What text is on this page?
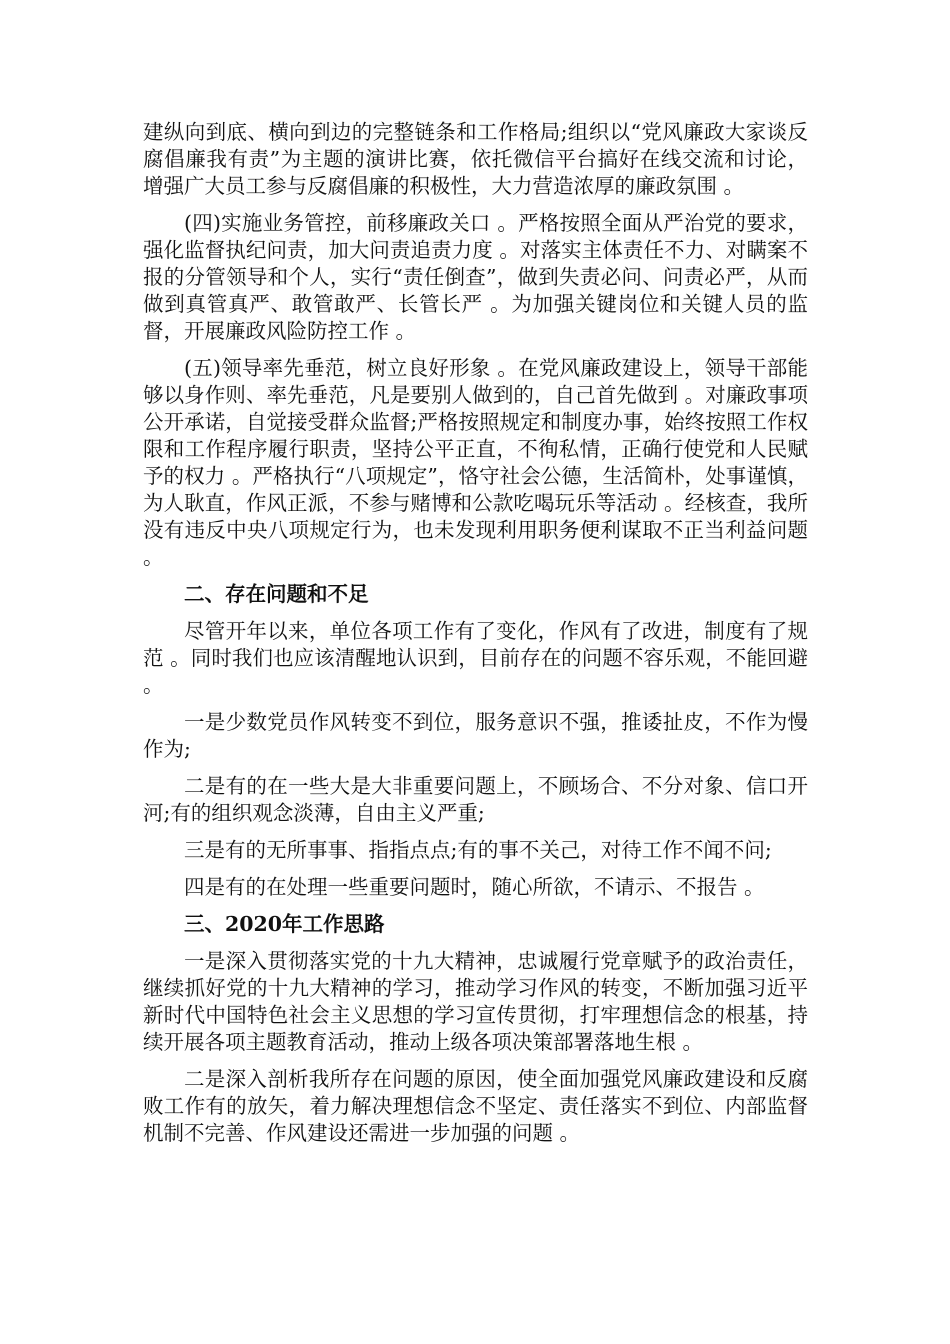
建纵向到底、横向到边的完整链条和工作格局;组织以“党风廉政大家谈反腐倡廉我有责”为主题的演讲比赛，依托微信平台搞好在线交流和讨论，增强广大员工参与反腐倡廉的积极性，大力营造浓厚的廉政氛围 。

(四)实施业务管控，前移廉政关口 。严格按照全面从严治党的要求，强化监督执纪问责，加大问责追责力度 。对落实主体责任不力、对瞒案不报的分管领导和个人，实行“责任倒查”，做到失责必问、问责必严，从而做到真管真严、敢管敢严、长管长严 。为加强关键岗位和关键人员的监督，开展廉政风险防控工作 。

(五)领导率先垂范，树立良好形象 。在党风廉政建设上，领导干部能够以身作则、率先垂范，凡是要别人做到的，自己首先做到 。对廉政事项公开承诺，自觉接受群众监督;严格按照规定和制度办事，始终按照工作权限和工作程序履行职责，坚持公平正直，不徇私情，正确行使党和人民赋予的权力 。严格执行“八项规定”，恪守社会公德，生活简朴，处事谨慎，为人耿直，作风正派，不参与赌博和公款吃喝玩乐等活动 。经核查，我所没有违反中央八项规定行为，也未发现利用职务便利谋取不正当利益问题 。

二、存在问题和不足

尽管开年以来，单位各项工作有了变化，作风有了改进，制度有了规范 。同时我们也应该清醒地认识到，目前存在的问题不容乐观，不能回避 。

一是少数党员作风转变不到位，服务意识不强，推诿扯皮，不作为慢作为;

二是有的在一些大是大非重要问题上，不顾场合、不分对象、信口开河;有的组织观念淡薄，自由主义严重;

三是有的无所事事、指指点点;有的事不关己，对待工作不闻不问;

四是有的在处理一些重要问题时，随心所欲，不请示、不报告 。

三、2020年工作思路

一是深入贯彻落实党的十九大精神，忠诚履行党章赋予的政治责任，继续抓好党的十九大精神的学习，推动学习作风的转变，不断加强习近平新时代中国特色社会主义思想的学习宣传贯彻，打牢理想信念的根基，持续开展各项主题教育活动，推动上级各项决策部署落地生根 。

二是深入剖析我所存在问题的原因，使全面加强党风廉政建设和反腐败工作有的放矢，着力解决理想信念不坚定、责任落实不到位、内部监督机制不完善、作风建设还需进一步加强的问题 。
